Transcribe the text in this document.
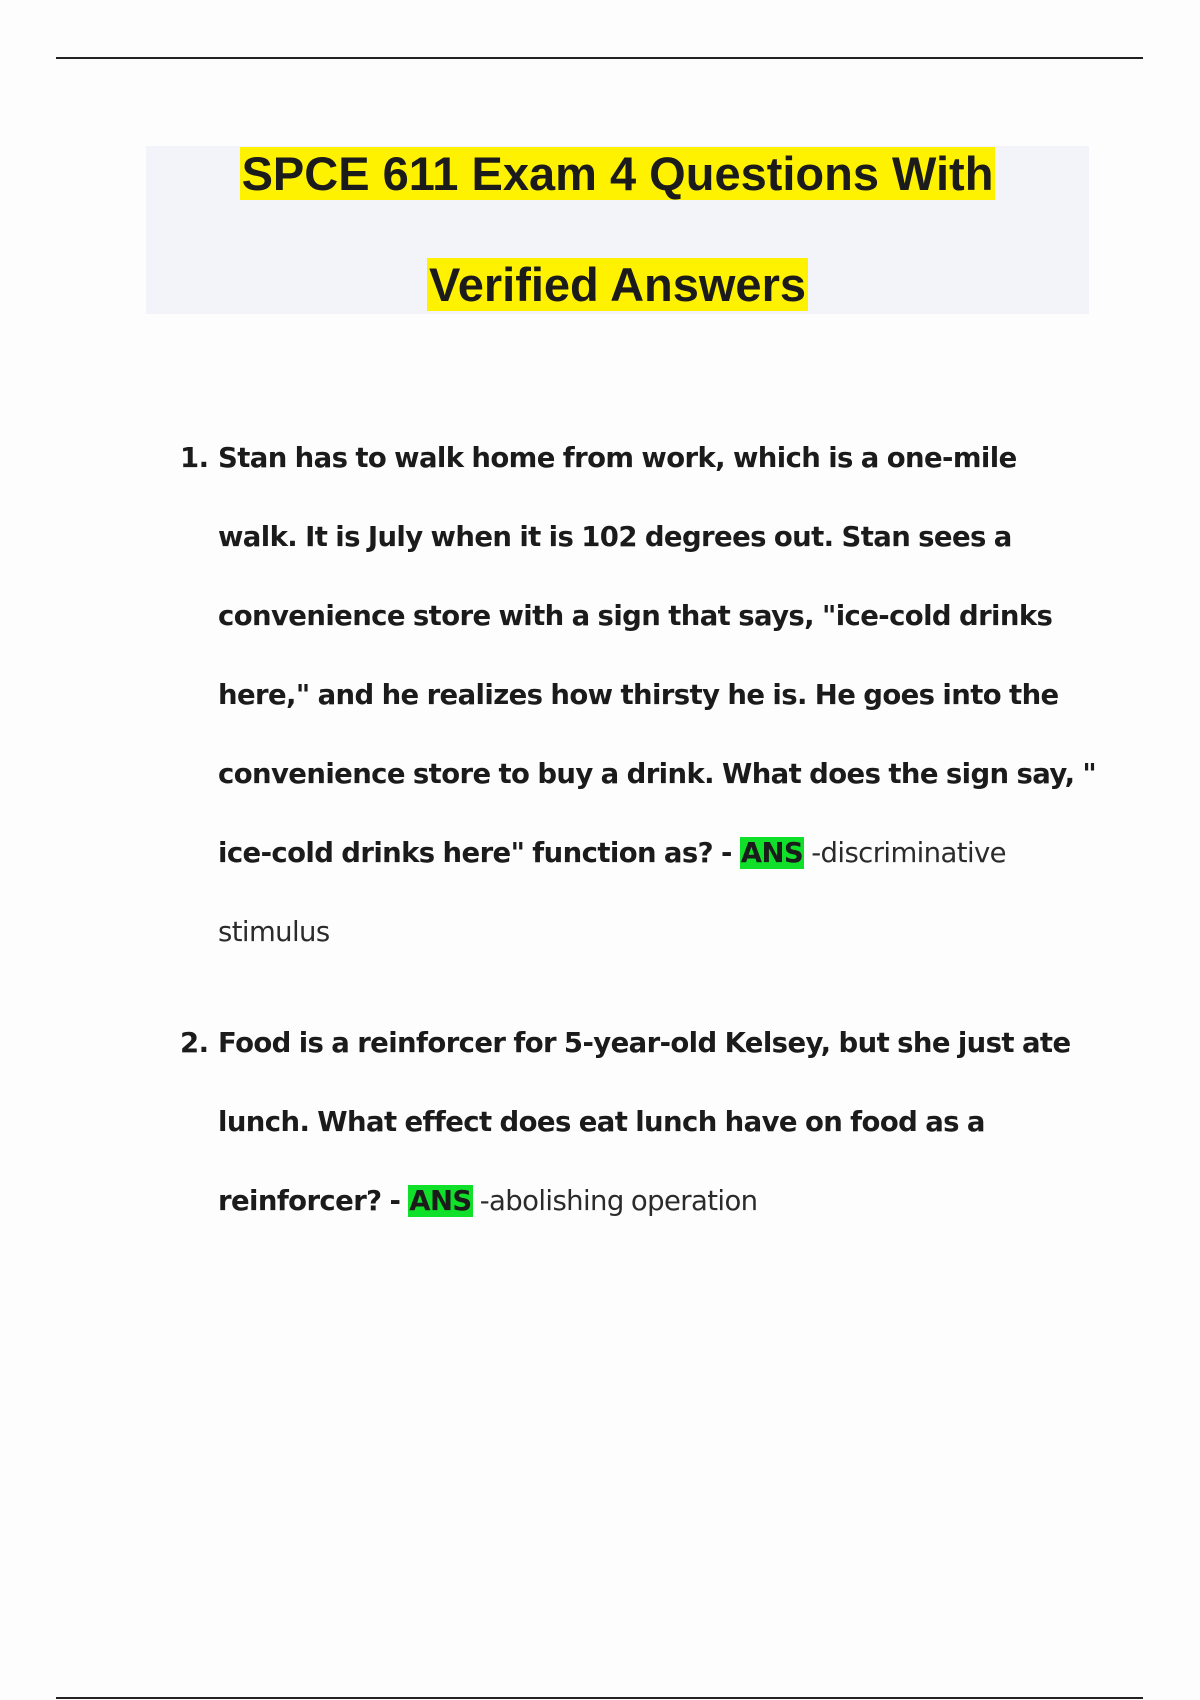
SPCE 611 Exam 4 Questions With
Verified Answers
1. Stan has to walk home from work, which is a one-mile walk. It is July when it is 102 degrees out. Stan sees a convenience store with a sign that says, "ice-cold drinks here," and he realizes how thirsty he is. He goes into the convenience store to buy a drink. What does the sign say, " ice-cold drinks here" function as? - ANS -discriminative stimulus
2. Food is a reinforcer for 5-year-old Kelsey, but she just ate lunch. What effect does eat lunch have on food as a reinforcer? - ANS -abolishing operation
